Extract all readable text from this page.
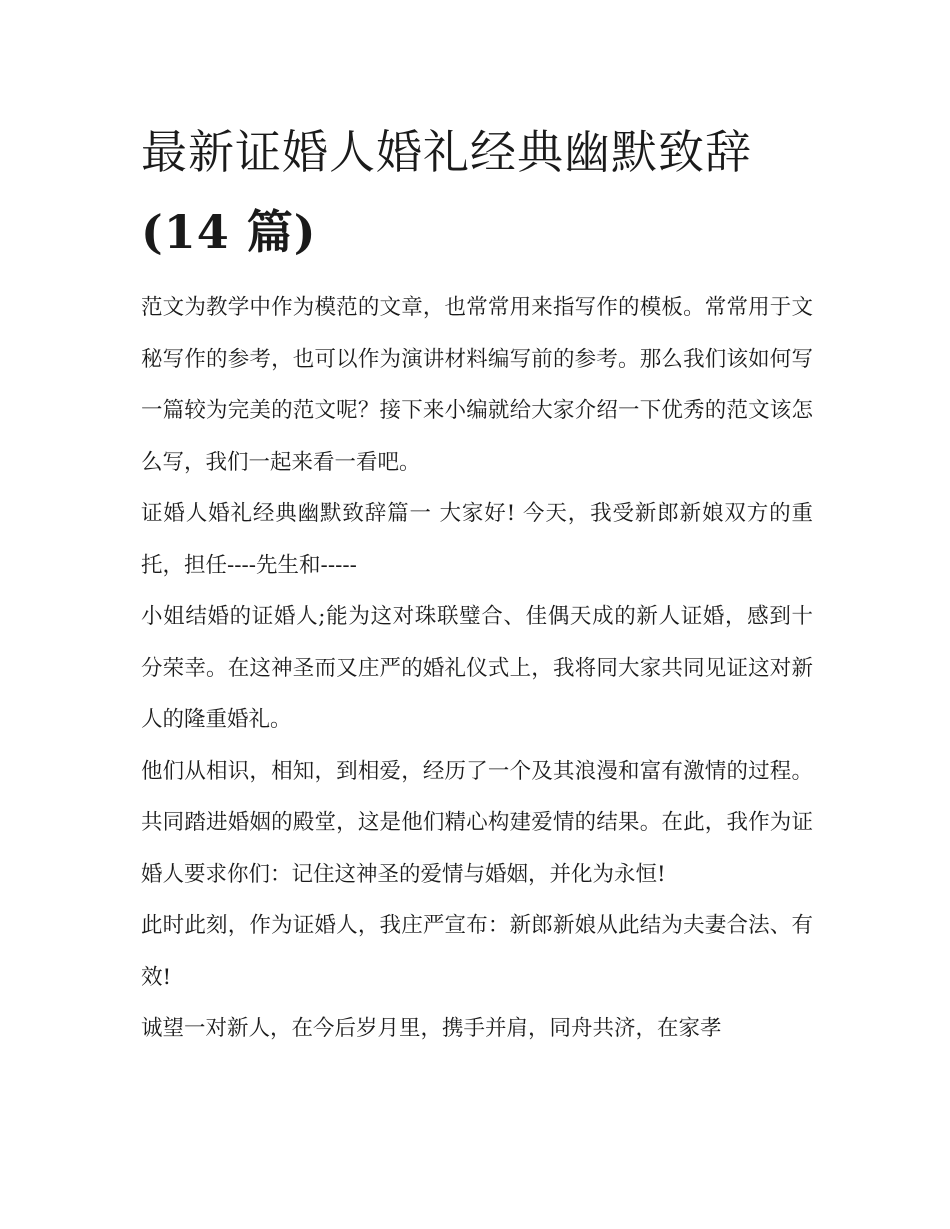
最新证婚人婚礼经典幽默致辞
(14 篇)

范文为教学中作为模范的文章，也常常用来指写作的模板。常常用于文秘写作的参考，也可以作为演讲材料编写前的参考。那么我们该如何写一篇较为完美的范文呢？接下来小编就给大家介绍一下优秀的范文该怎么写，我们一起来看一看吧。

证婚人婚礼经典幽默致辞篇一 大家好! 今天，我受新郎新娘双方的重托，担任----先生和-----

小姐结婚的证婚人;能为这对珠联璧合、佳偶天成的新人证婚，感到十分荣幸。在这神圣而又庄严的婚礼仪式上，我将同大家共同见证这对新人的隆重婚礼。

他们从相识，相知，到相爱，经历了一个及其浪漫和富有激情的过程。共同踏进婚姻的殿堂，这是他们精心构建爱情的结果。在此，我作为证婚人要求你们：记住这神圣的爱情与婚姻，并化为永恒!

此时此刻，作为证婚人，我庄严宣布：新郎新娘从此结为夫妻合法、有效!

诚望一对新人，在今后岁月里，携手并肩，同舟共济，在家孝
